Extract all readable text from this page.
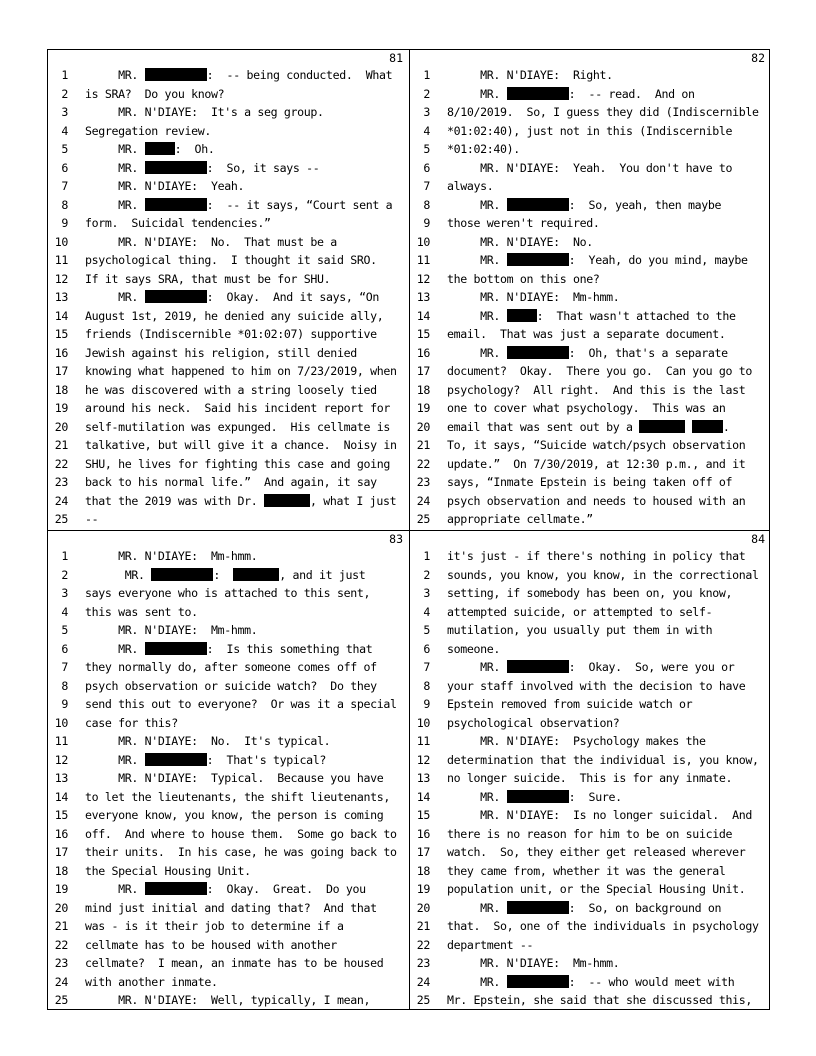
81
1 MR.	:  -- being conducted.  What
2 is SRA?  Do you know?
3 MR. N'DIAYE:  It's a seg group.
4 Segregation review.
5 MR.	:  Oh.
6 MR.	:  So, it says --
7 MR. N'DIAYE:  Yeah.
8 MR.	:  -- it says, “Court sent a
9 form.  Suicidal tendencies.”
10 MR. N'DIAYE:  No.  That must be a
11 psychological thing.  I thought it said SRO.
12 If it says SRA, that must be for SHU.
13 MR.	:  Okay.  And it says, “On
14 August 1st, 2019, he denied any suicide ally,
15 friends (Indiscernible *01:02:07) supportive
16 Jewish against his religion, still denied
17 knowing what happened to him on 7/23/2019, when
18 he was discovered with a string loosely tied
19 around his neck.  Said his incident report for
20 self-mutilation was expunged.  His cellmate is
21 talkative, but will give it a chance.  Noisy in
22 SHU, he lives for fighting this case and going
23 back to his normal life.”  And again, it say
24 that the 2019 was with Dr.	, what I just
25 --
82
1 MR. N'DIAYE:  Right.
2 MR.	:  -- read.  And on
3 8/10/2019.  So, I guess they did (Indiscernible
4 *01:02:40), just not in this (Indiscernible
5 *01:02:40).
6 MR. N'DIAYE:  Yeah.  You don't have to
7 always.
8 MR.	:  So, yeah, then maybe
9 those weren't required.
10 MR. N'DIAYE:  No.
11 MR.	:  Yeah, do you mind, maybe
12 the bottom on this one?
13 MR. N'DIAYE:  Mm-hmm.
14 MR.	:  That wasn't attached to the
15 email.  That was just a separate document.
16 MR.	:  Oh, that's a separate
17 document?  Okay.  There you go.  Can you go to
18 psychology?  All right.  And this is the last
19 one to cover what psychology.  This was an
20 email that was sent out by a	.
21 To, it says, “Suicide watch/psych observation
22 update.”  On 7/30/2019, at 12:30 p.m., and it
23 says, “Inmate Epstein is being taken off of
24 psych observation and needs to housed with an
25 appropriate cellmate.”
83
1 MR. N'DIAYE:  Mm-hmm.
2 MR.	:	, and it just
3 says everyone who is attached to this sent,
4 this was sent to.
5 MR. N'DIAYE:  Mm-hmm.
6 MR.	:  Is this something that
7 they normally do, after someone comes off of
8 psych observation or suicide watch?  Do they
9 send this out to everyone?  Or was it a special
10 case for this?
11 MR. N'DIAYE:  No.  It's typical.
12 MR.	:  That's typical?
13 MR. N'DIAYE:  Typical.  Because you have
14 to let the lieutenants, the shift lieutenants,
15 everyone know, you know, the person is coming
16 off.  And where to house them.  Some go back to
17 their units.  In his case, he was going back to
18 the Special Housing Unit.
19 MR.	:  Okay.  Great.  Do you
20 mind just initial and dating that?  And that
21 was - is it their job to determine if a
22 cellmate has to be housed with another
23 cellmate?  I mean, an inmate has to be housed
24 with another inmate.
25 MR. N'DIAYE:  Well, typically, I mean,
84
1 it's just - if there's nothing in policy that
2 sounds, you know, you know, in the correctional
3 setting, if somebody has been on, you know,
4 attempted suicide, or attempted to self-
5 mutilation, you usually put them in with
6 someone.
7 MR.	:  Okay.  So, were you or
8 your staff involved with the decision to have
9 Epstein removed from suicide watch or
10 psychological observation?
11 MR. N'DIAYE:  Psychology makes the
12 determination that the individual is, you know,
13 no longer suicide.  This is for any inmate.
14 MR.	:  Sure.
15 MR. N'DIAYE:  Is no longer suicidal.  And
16 there is no reason for him to be on suicide
17 watch.  So, they either get released wherever
18 they came from, whether it was the general
19 population unit, or the Special Housing Unit.
20 MR.	:  So, on background on
21 that.  So, one of the individuals in psychology
22 department --
23 MR. N'DIAYE:  Mm-hmm.
24 MR.	:  -- who would meet with
25 Mr. Epstein, she said that she discussed this,
